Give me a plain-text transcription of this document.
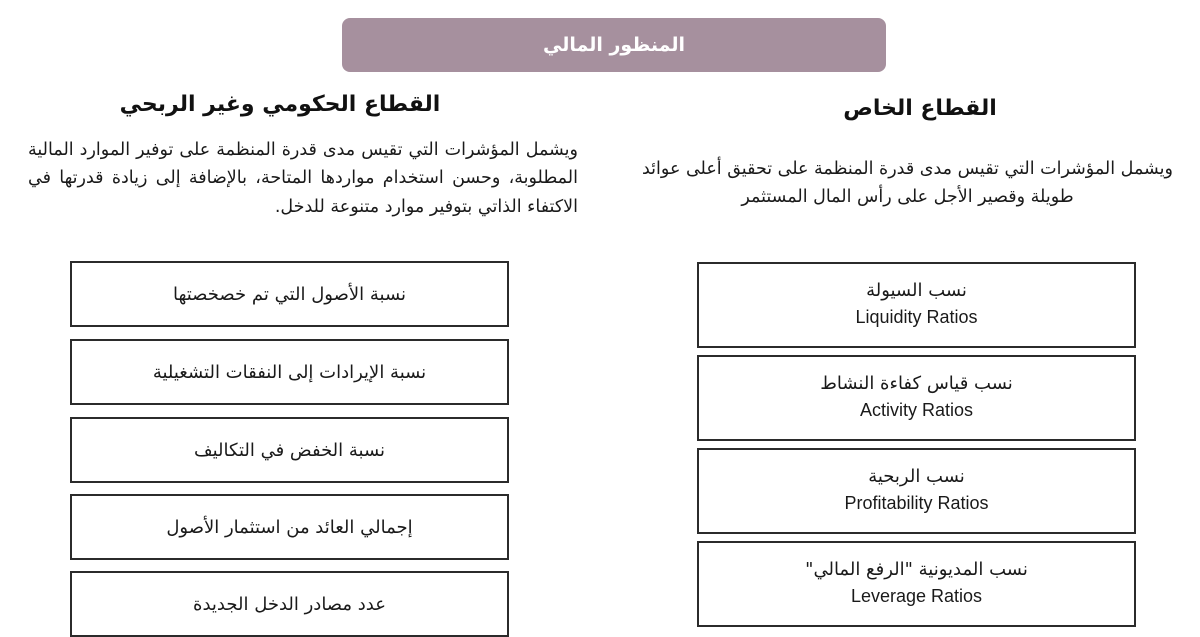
المنظور المالي
القطاع الحكومي وغير الربحي	القطاع الخاص
ويشمل المؤشرات التي تقيس مدى قدرة المنظمة على توفير الموارد المالية المطلوبة، وحسن استخدام مواردها المتاحة، بالإضافة إلى زيادة قدرتها في الاكتفاء الذاتي بتوفير موارد متنوعة للدخل.
ويشمل المؤشرات التي تقيس مدى قدرة المنظمة على تحقيق أعلى عوائد طويلة وقصير الأجل على رأس المال المستثمر
نسبة الأصول التي تم خصخصتها
نسبة الإيرادات إلى النفقات التشغيلية
نسبة الخفض في التكاليف
إجمالي العائد من استثمار الأصول
عدد مصادر الدخل الجديدة
نسب السيولة
Liquidity Ratios
نسب قياس كفاءة النشاط
Activity Ratios
نسب الربحية
Profitability Ratios
نسب المديونية "الرفع المالي"
Leverage Ratios
